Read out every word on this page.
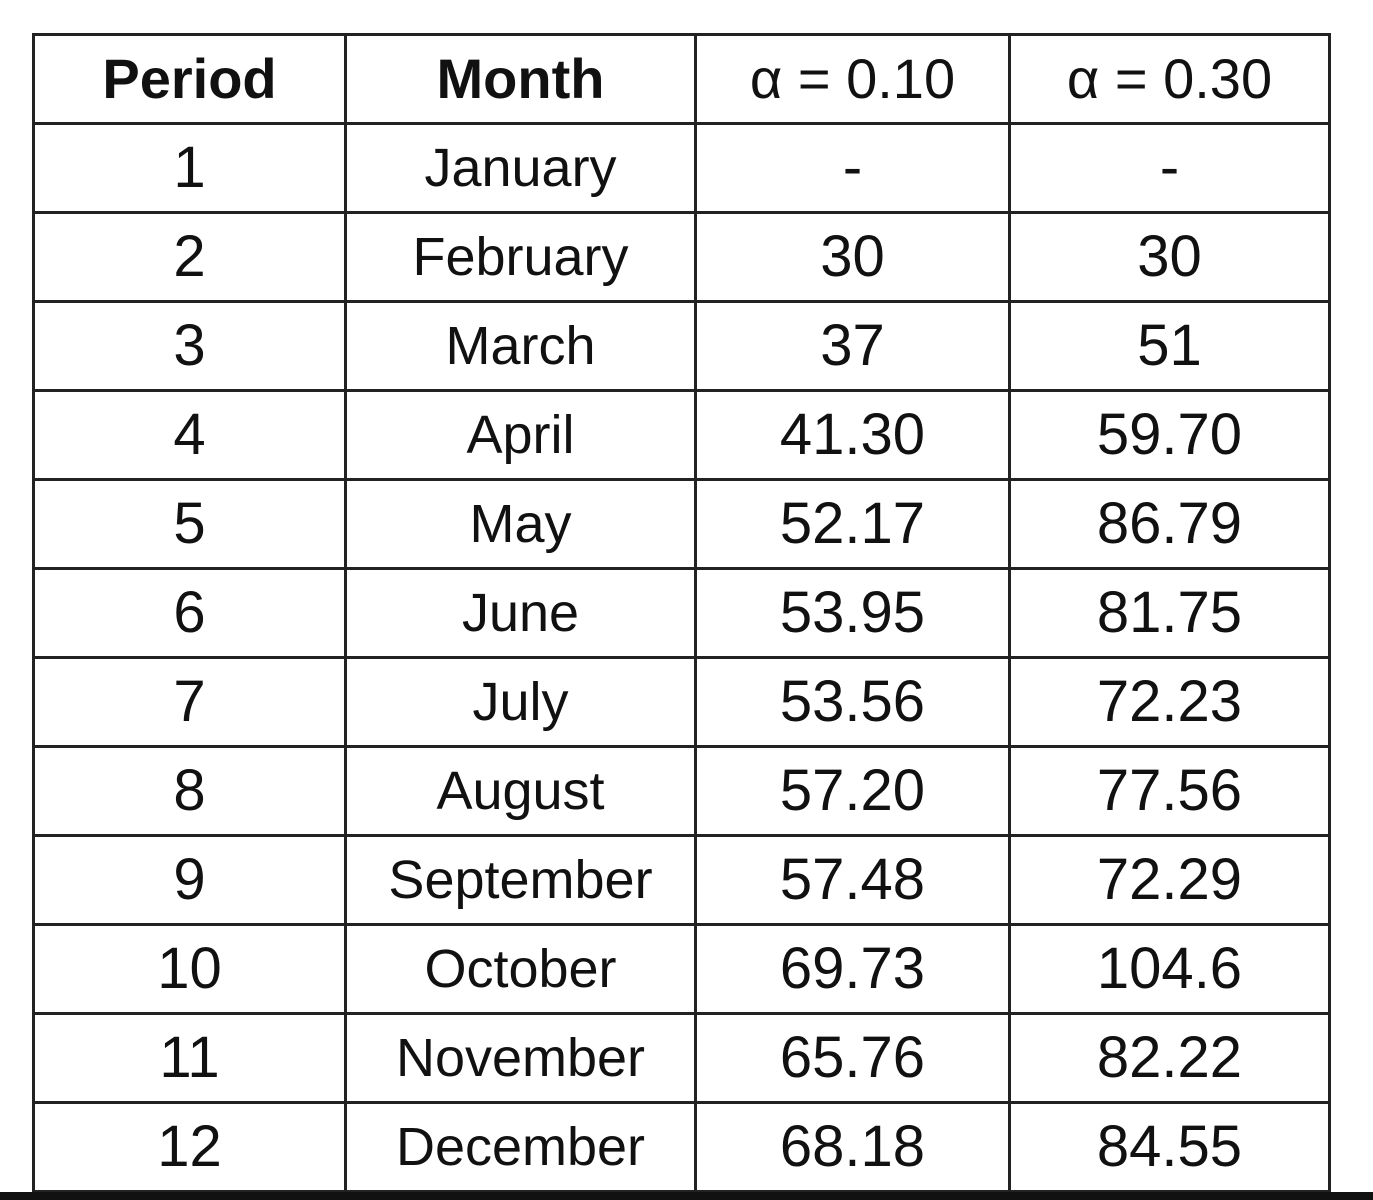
Period	Month	α = 0.10	α = 0.30
1	January	-	-
2	February	30	30
3	March	37	51
4	April	41.30	59.70
5	May	52.17	86.79
6	June	53.95	81.75
7	July	53.56	72.23
8	August	57.20	77.56
9	September	57.48	72.29
10	October	69.73	104.6
11	November	65.76	82.22
12	December	68.18	84.55
